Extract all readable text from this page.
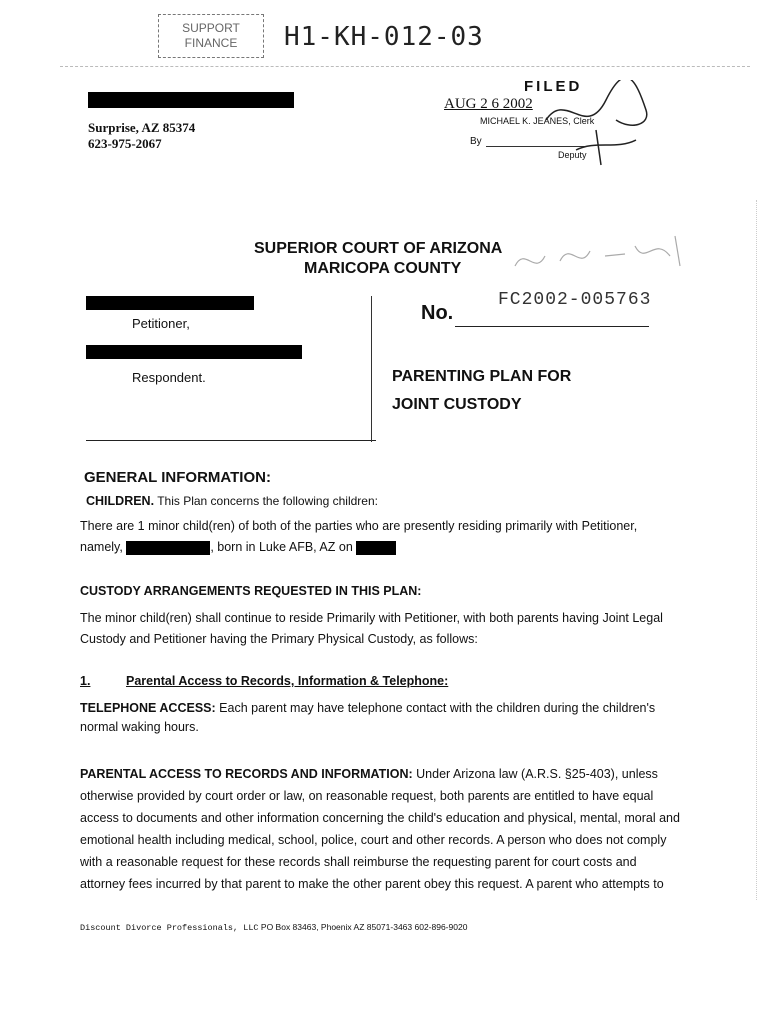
SUPPORT
FINANCE	H1-KH-012-03
FILED
AUG 2 6 2002
MICHAEL K. JEANES, Clerk
By
Deputy
Surprise, AZ 85374
623-975-2067
SUPERIOR COURT OF ARIZONA
MARICOPA COUNTY
Petitioner,
Respondent.
No.
FC2002-005763
PARENTING PLAN FOR
JOINT CUSTODY
GENERAL INFORMATION:
CHILDREN. This Plan concerns the following children:
There are 1 minor child(ren) of both of the parties who are presently residing primarily with Petitioner,
namely,	, born in Luke AFB, AZ on
CUSTODY ARRANGEMENTS REQUESTED IN THIS PLAN:
The minor child(ren) shall continue to reside Primarily with Petitioner, with both parents having Joint Legal
Custody and Petitioner having the Primary Physical Custody, as follows:
1.	Parental Access to Records, Information & Telephone:
TELEPHONE ACCESS: Each parent may have telephone contact with the children during the children's
normal waking hours.
PARENTAL ACCESS TO RECORDS AND INFORMATION: Under Arizona law (A.R.S. §25-403), unless
otherwise provided by court order or law, on reasonable request, both parents are entitled to have equal
access to documents and other information concerning the child's education and physical, mental, moral and
emotional health including medical, school, police, court and other records. A person who does not comply
with a reasonable request for these records shall reimburse the requesting parent for court costs and
attorney fees incurred by that parent to make the other parent obey this request. A parent who attempts to
Discount Divorce Professionals, LLC PO Box 83463, Phoenix AZ 85071-3463 602-896-9020
